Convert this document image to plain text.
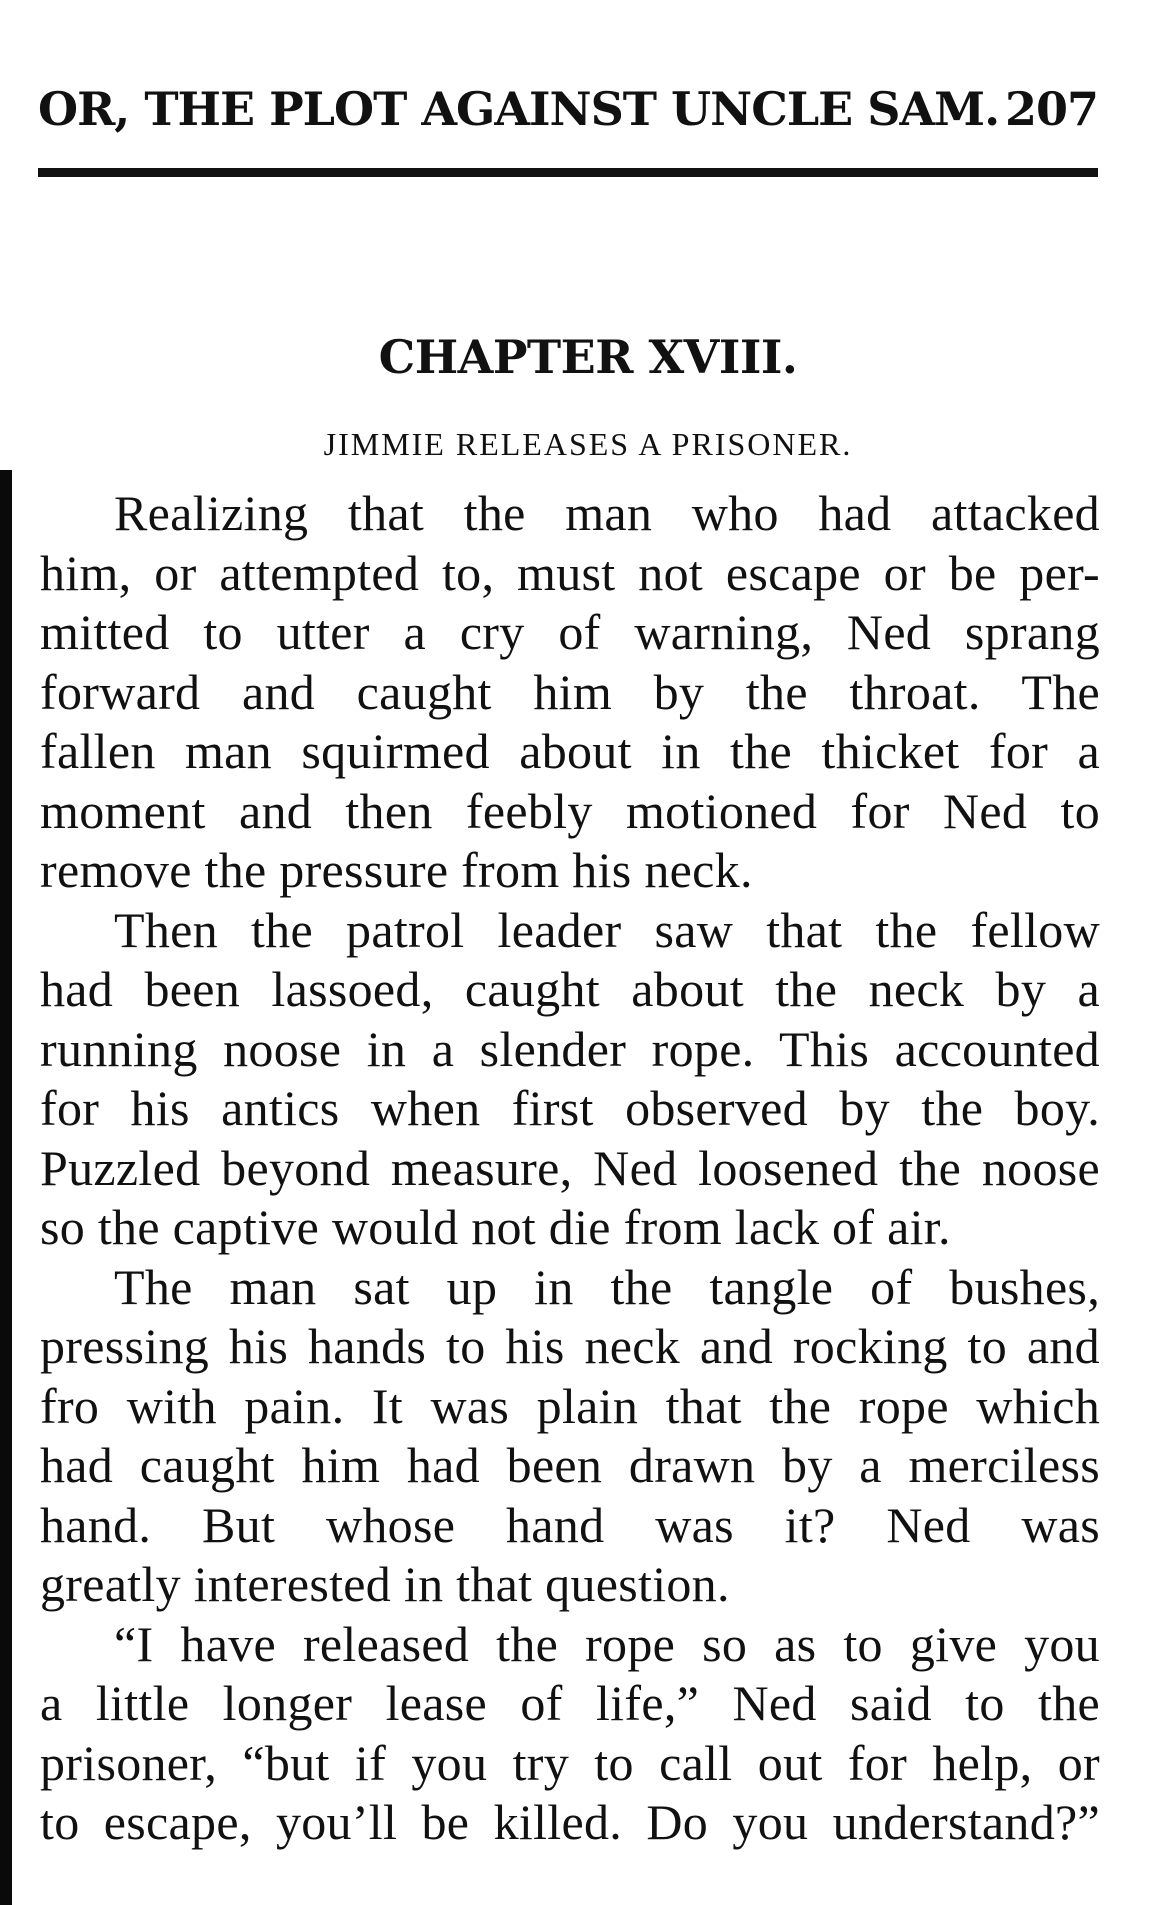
OR, THE PLOT AGAINST UNCLE SAM. 207
CHAPTER XVIII.
JIMMIE RELEASES A PRISONER.
Realizing that the man who had attacked
him, or attempted to, must not escape or be per-
mitted to utter a cry of warning, Ned sprang
forward and caught him by the throat. The
fallen man squirmed about in the thicket for a
moment and then feebly motioned for Ned to
remove the pressure from his neck.
Then the patrol leader saw that the fellow
had been lassoed, caught about the neck by a
running noose in a slender rope. This accounted
for his antics when first observed by the boy.
Puzzled beyond measure, Ned loosened the noose
so the captive would not die from lack of air.
The man sat up in the tangle of bushes,
pressing his hands to his neck and rocking to and
fro with pain. It was plain that the rope which
had caught him had been drawn by a merciless
hand. But whose hand was it? Ned was
greatly interested in that question.
“I have released the rope so as to give you
a little longer lease of life,” Ned said to the
prisoner, “but if you try to call out for help, or
to escape, you’ll be killed. Do you understand?”
